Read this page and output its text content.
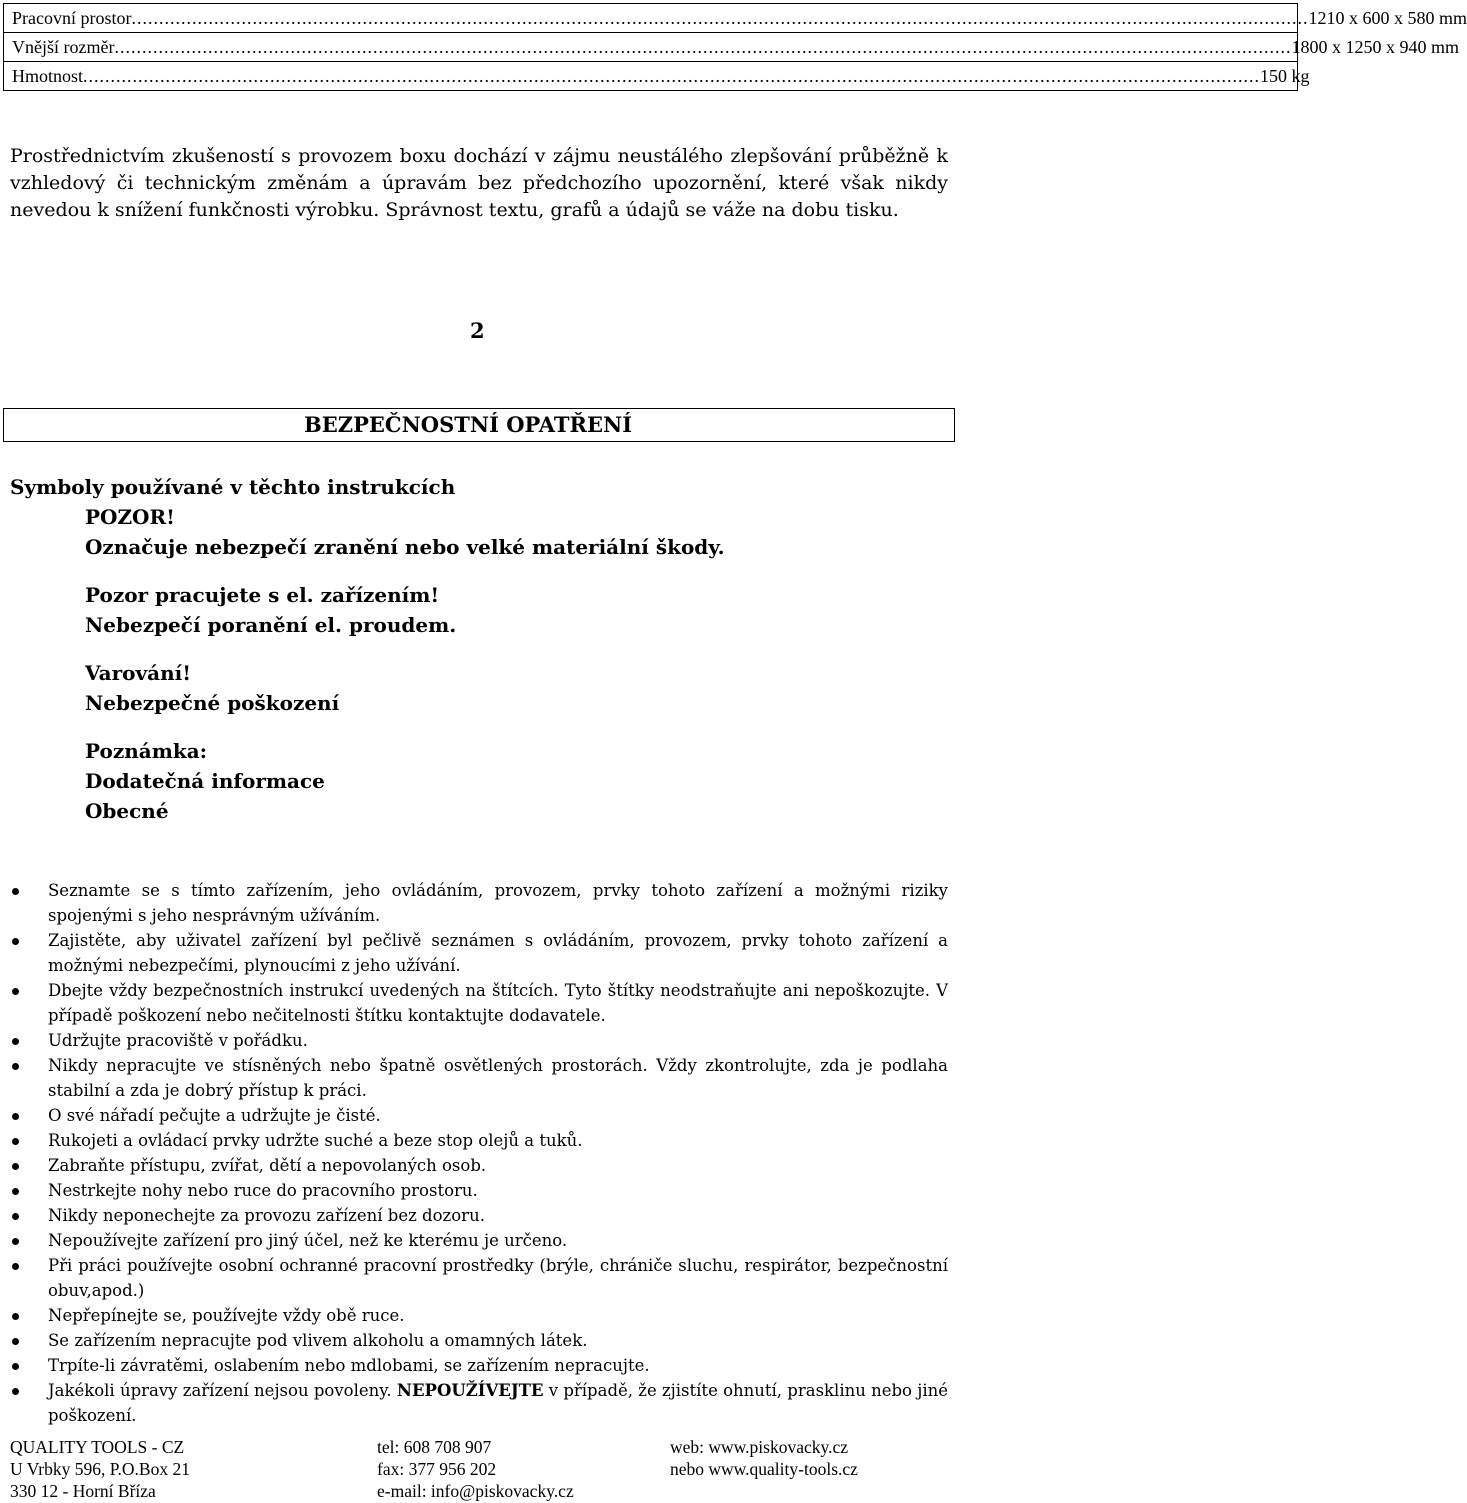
Pracovní prostor ...................................................................................................................................................................................................................... 1210 x 600 x 580 mm

Vnější rozměr ...................................................................................................................................................................................................................... 1800 x 1250 x 940 mm

Hmotnost ...................................................................................................................................................................................................................... 150 kg
Prostřednictvím zkušeností s provozem boxu dochází v zájmu neustálého zlepšování průběžně k vzhledový či technickým změnám a úpravám bez předchozího upozornění, které však nikdy nevedou k snížení funkčnosti výrobku. Správnost textu, grafů a údajů se váže na dobu tisku.
2
BEZPEČNOSTNÍ OPATŘENÍ
Symboly používané v těchto instrukcích
POZOR!
Označuje nebezpečí zranění nebo velké materiální škody.
Pozor pracujete s el. zařízením!
Nebezpečí poranění el. proudem.
Varování!
Nebezpečné poškození
Poznámka:
Dodatečná informace
Obecné
Seznamte se s tímto zařízením, jeho ovládáním, provozem, prvky tohoto zařízení a možnými riziky spojenými s jeho nesprávným užíváním.
Zajistěte, aby uživatel zařízení byl pečlivě seznámen s ovládáním, provozem, prvky tohoto zařízení a možnými nebezpečími, plynoucími z jeho užívání.
Dbejte vždy bezpečnostních instrukcí uvedených na štítcích. Tyto štítky neodstraňujte ani nepoškozujte. V případě poškození nebo nečitelnosti štítku kontaktujte dodavatele.
Udržujte pracoviště v pořádku.
Nikdy nepracujte ve stísněných nebo špatně osvětlených prostorách. Vždy zkontrolujte, zda je podlaha stabilní a zda je dobrý přístup k práci.
O své nářadí pečujte a udržujte je čisté.
Rukojeti a ovládací prvky udržte suché a beze stop olejů a tuků.
Zabraňte přístupu, zvířat, dětí a nepovolaných osob.
Nestrkejte nohy nebo ruce do pracovního prostoru.
Nikdy neponechejte za provozu zařízení bez dozoru.
Nepoužívejte zařízení pro jiný účel, než ke kterému je určeno.
Při práci používejte osobní ochranné pracovní prostředky (brýle, chrániče sluchu, respirátor, bezpečnostní obuv,apod.)
Nepřepínejte se, používejte vždy obě ruce.
Se zařízením nepracujte pod vlivem alkoholu a omamných látek.
Trpíte-li závratěmi, oslabením nebo mdlobami, se zařízením nepracujte.
Jakékoli úpravy zařízení nejsou povoleny. NEPOUŽÍVEJTE v případě, že zjistíte ohnutí, prasklinu nebo jiné poškození.
QUALITY TOOLS - CZ
U Vrbky 596, P.O.Box 21
330 12 - Horní Bříza
tel: 608 708 907
fax: 377 956 202
e-mail: info@piskovacky.cz
web: www.piskovacky.cz
nebo www.quality-tools.cz
